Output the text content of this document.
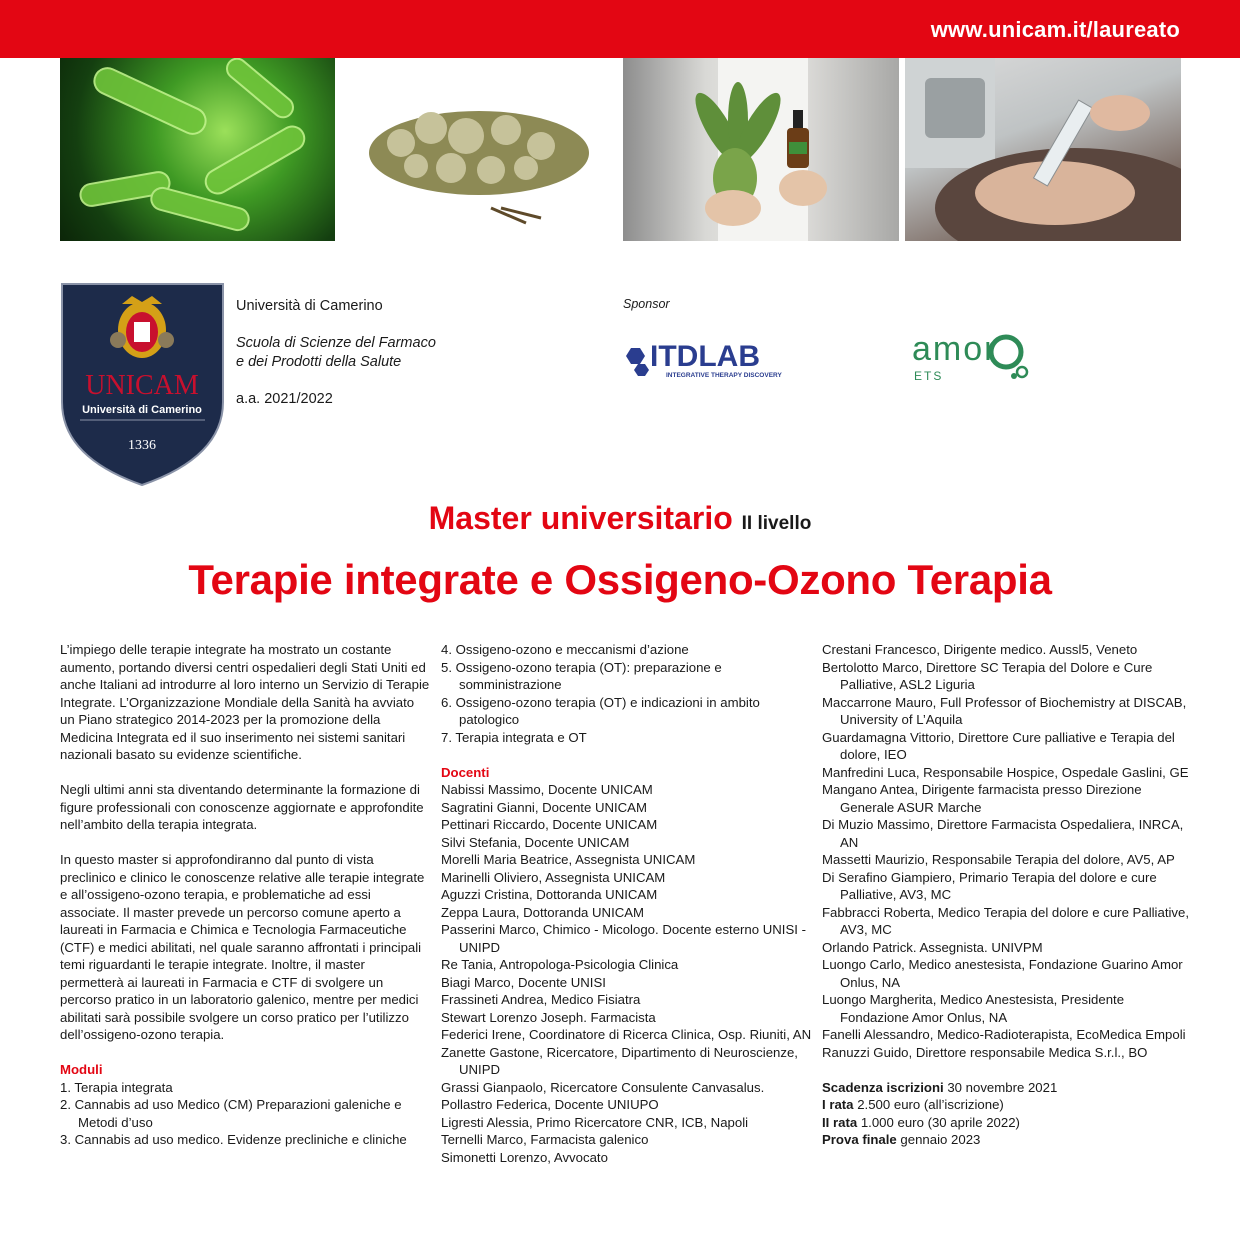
www.unicam.it/laureato
UNICAM
Università di Camerino
1336
Università di Camerino
Scuola di Scienze del Farmaco
e dei Prodotti della Salute
a.a. 2021/2022
Sponsor
ITDLAB
INTEGRATIVE THERAPY DISCOVERY
amor
ETS
Master universitario II livello
Terapie integrate e Ossigeno-Ozono Terapia

L’impiego delle terapie integrate ha mostrato un costante aumento, portando diversi centri ospedalieri degli Stati Uniti ed anche Italiani ad introdurre al loro interno un Servizio di Terapie Integrate. L’Organizzazione Mondiale della Sanità ha avviato un Piano strategico 2014-2023 per la promozione della Medicina Integrata ed il suo inserimento nei sistemi sanitari nazionali basato su evidenze scientifiche.

Negli ultimi anni sta diventando determinante la formazione di figure professionali con conoscenze aggiornate e approfondite nell’ambito della terapia integrata.

In questo master si approfondiranno dal punto di vista preclinico e clinico le conoscenze relative alle terapie integrate e all’ossigeno-ozono terapia, e problematiche ad essi associate. Il master prevede un percorso comune aperto a laureati in Farmacia e Chimica e Tecnologia Farmaceutiche (CTF) e medici abilitati, nel quale saranno affrontati i principali temi riguardanti le terapie integrate. Inoltre, il master permetterà ai laureati in Farmacia e CTF di svolgere un percorso pratico in un laboratorio galenico, mentre per medici abilitati sarà possibile svolgere un corso pratico per l’utilizzo dell’ossigeno-ozono terapia.

Moduli
1. Terapia integrata
2. Cannabis ad uso Medico (CM) Preparazioni galeniche e Metodi d’uso
3. Cannabis ad uso medico. Evidenze precliniche e cliniche
4. Ossigeno-ozono e meccanismi d’azione
5. Ossigeno-ozono terapia (OT): preparazione e somministrazione
6. Ossigeno-ozono terapia (OT) e indicazioni in ambito patologico
7. Terapia integrata e OT
Docenti
Nabissi Massimo, Docente UNICAM
Sagratini Gianni, Docente UNICAM
Pettinari Riccardo, Docente UNICAM
Silvi Stefania, Docente UNICAM
Morelli Maria Beatrice, Assegnista UNICAM
Marinelli Oliviero, Assegnista UNICAM
Aguzzi Cristina, Dottoranda UNICAM
Zeppa Laura, Dottoranda UNICAM
Passerini Marco, Chimico - Micologo. Docente esterno UNISI - UNIPD
Re Tania, Antropologa-Psicologia Clinica
Biagi Marco, Docente UNISI
Frassineti Andrea, Medico Fisiatra
Stewart Lorenzo Joseph. Farmacista
Federici Irene, Coordinatore di Ricerca Clinica, Osp. Riuniti, AN
Zanette Gastone, Ricercatore, Dipartimento di Neuroscienze, UNIPD
Grassi Gianpaolo, Ricercatore Consulente Canvasalus.
Pollastro Federica, Docente UNIUPO
Ligresti Alessia, Primo Ricercatore CNR, ICB, Napoli
Ternelli Marco, Farmacista galenico
Simonetti Lorenzo, Avvocato
Crestani Francesco, Dirigente medico. Aussl5, Veneto
Bertolotto Marco, Direttore SC Terapia del Dolore e Cure Palliative, ASL2 Liguria
Maccarrone Mauro, Full Professor of Biochemistry at DISCAB, University of L’Aquila
Guardamagna Vittorio, Direttore Cure palliative e Terapia del dolore, IEO
Manfredini Luca, Responsabile Hospice, Ospedale Gaslini, GE
Mangano Antea, Dirigente farmacista presso Direzione Generale ASUR Marche
Di Muzio Massimo, Direttore Farmacista Ospedaliera, INRCA, AN
Massetti Maurizio, Responsabile Terapia del dolore, AV5, AP
Di Serafino Giampiero, Primario Terapia del dolore e cure Palliative, AV3, MC
Fabbracci Roberta, Medico Terapia del dolore e cure Palliative, AV3, MC
Orlando Patrick. Assegnista. UNIVPM
Luongo Carlo, Medico anestesista, Fondazione Guarino Amor Onlus, NA
Luongo Margherita, Medico Anestesista, Presidente Fondazione Amor Onlus, NA
Fanelli Alessandro, Medico-Radioterapista, EcoMedica Empoli
Ranuzzi Guido, Direttore responsabile Medica S.r.l., BO
Scadenza iscrizioni 30 novembre 2021
I rata 2.500 euro (all’iscrizione)
II rata 1.000 euro (30 aprile 2022)
Prova finale gennaio 2023
